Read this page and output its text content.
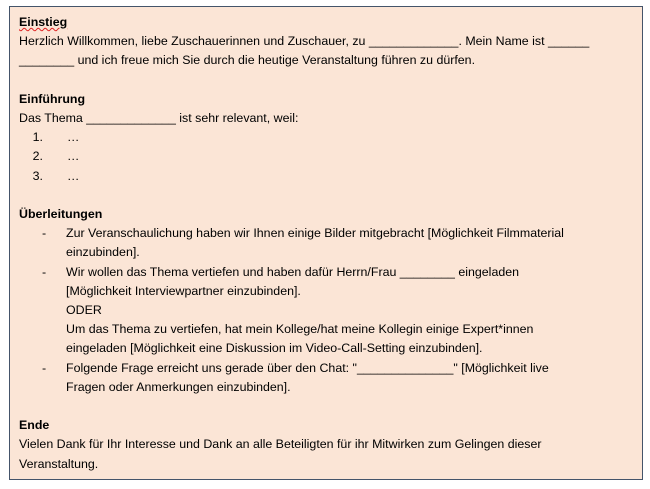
Einstieg

Herzlich Willkommen, liebe Zuschauerinnen und Zuschauer, zu _____________. Mein Name ist ______

________ und ich freue mich Sie durch die heutige Veranstaltung führen zu dürfen.

Einführung

Das Thema _____________ ist sehr relevant, weil:

1.	…
2.	…
3.	…

Überleitungen

-	Zur Veranschaulichung haben wir Ihnen einige Bilder mitgebracht [Möglichkeit Filmmaterial
einzubinden].
-	Wir wollen das Thema vertiefen und haben dafür Herrn/Frau ________ eingeladen
[Möglichkeit Interviewpartner einzubinden].
ODER
Um das Thema zu vertiefen, hat mein Kollege/hat meine Kollegin einige Expert*innen
eingeladen [Möglichkeit eine Diskussion im Video-Call-Setting einzubinden].
-	Folgende Frage erreicht uns gerade über den Chat: "______________" [Möglichkeit live
Fragen oder Anmerkungen einzubinden].

Ende

Vielen Dank für Ihr Interesse und Dank an alle Beteiligten für ihr Mitwirken zum Gelingen dieser

Veranstaltung.
